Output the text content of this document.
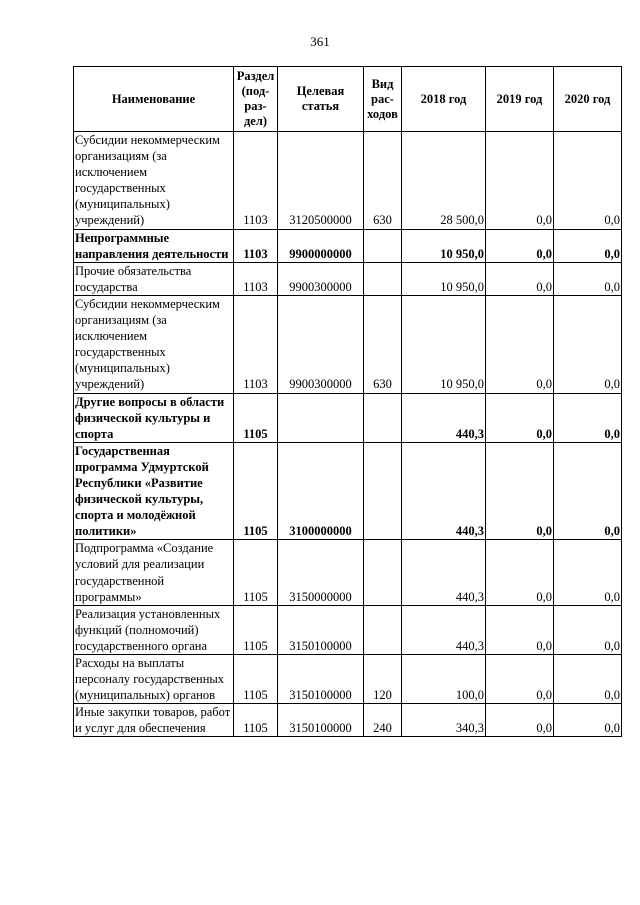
361
Наименование	Раздел (под-раз-дел)	Целевая статья	Вид рас-ходов	2018 год	2019 год	2020 год
Субсидии некоммерческим организациям (за исключением государственных (муниципальных) учреждений)	1103	3120500000	630	28 500,0	0,0	0,0
Непрограммные направления деятельности	1103	9900000000		10 950,0	0,0	0,0
Прочие обязательства государства	1103	9900300000		10 950,0	0,0	0,0
Субсидии некоммерческим организациям (за исключением государственных (муниципальных) учреждений)	1103	9900300000	630	10 950,0	0,0	0,0
Другие вопросы в области физической культуры и спорта	1105			440,3	0,0	0,0
Государственная программа Удмуртской Республики «Развитие физической культуры, спорта и молодёжной политики»	1105	3100000000		440,3	0,0	0,0
Подпрограмма «Создание условий для реализации государственной программы»	1105	3150000000		440,3	0,0	0,0
Реализация установленных функций (полномочий) государственного органа	1105	3150100000		440,3	0,0	0,0
Расходы на выплаты персоналу государственных (муниципальных) органов	1105	3150100000	120	100,0	0,0	0,0
Иные закупки товаров, работ и услуг для обеспечения	1105	3150100000	240	340,3	0,0	0,0
